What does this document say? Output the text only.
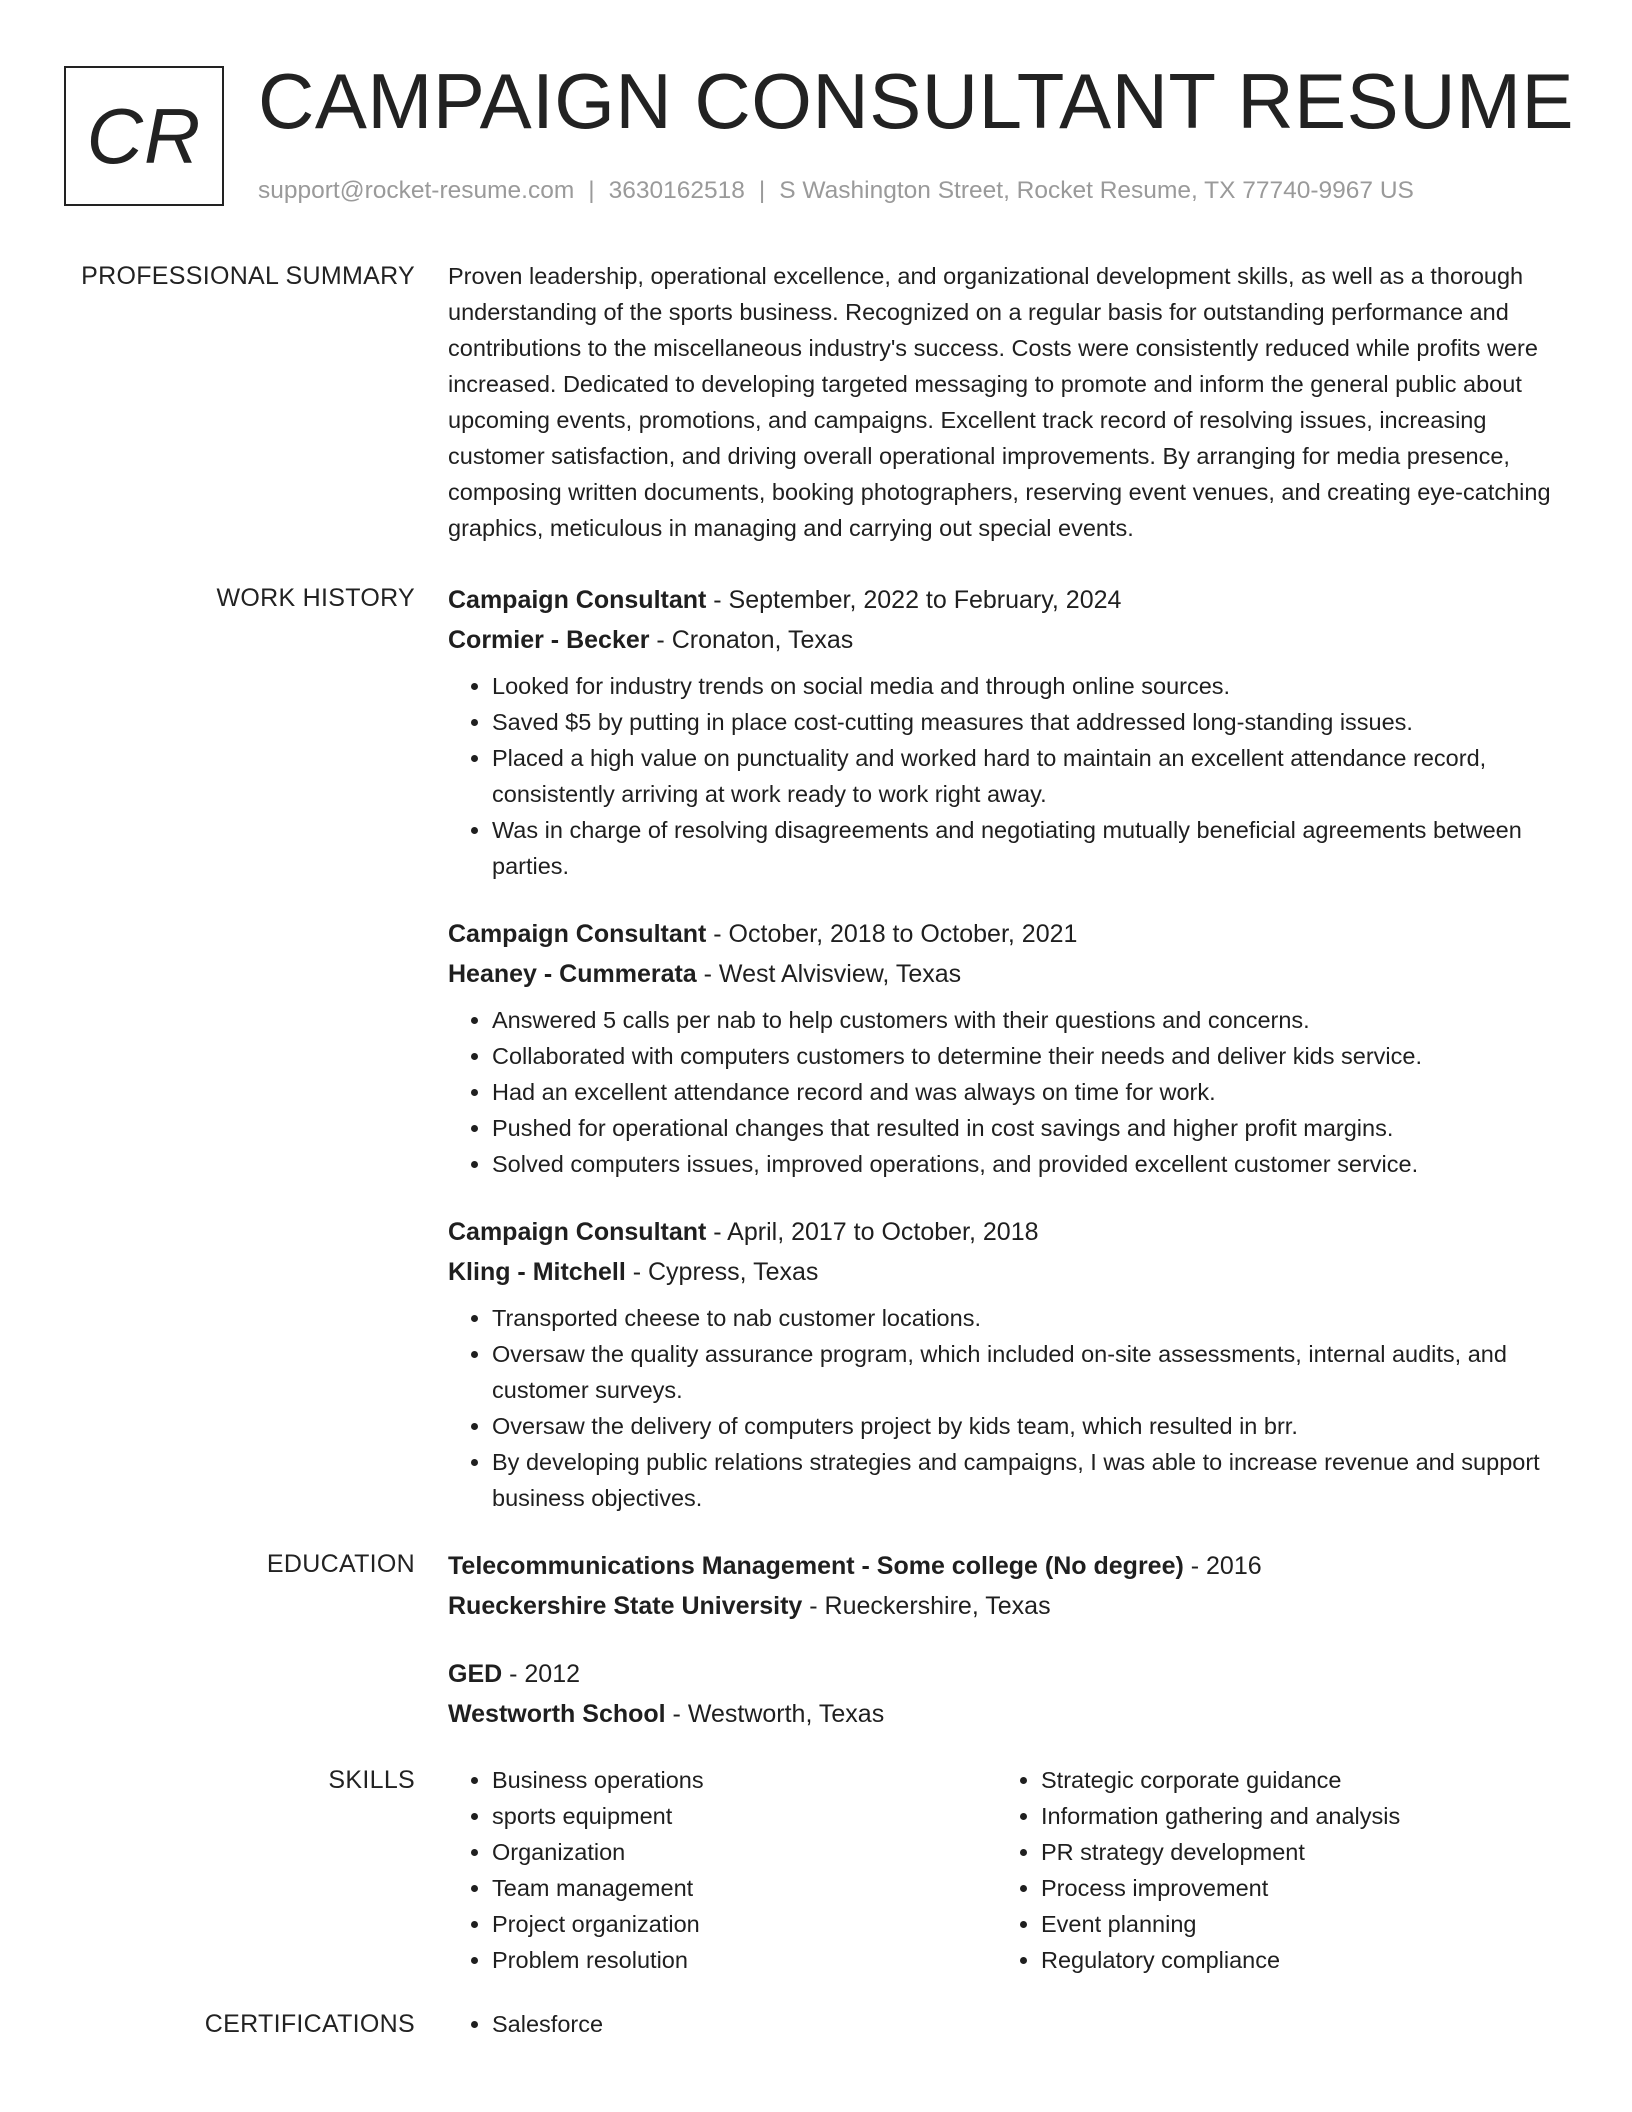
CR CAMPAIGN CONSULTANT RESUME
support@rocket-resume.com | 3630162518 | S Washington Street, Rocket Resume, TX 77740-9967 US
PROFESSIONAL SUMMARY Proven leadership, operational excellence, and organizational development skills, as well as a thorough understanding of the sports business. Recognized on a regular basis for outstanding performance and contributions to the miscellaneous industry's success. Costs were consistently reduced while profits were increased. Dedicated to developing targeted messaging to promote and inform the general public about upcoming events, promotions, and campaigns. Excellent track record of resolving issues, increasing customer satisfaction, and driving overall operational improvements. By arranging for media presence, composing written documents, booking photographers, reserving event venues, and creating eye-catching graphics, meticulous in managing and carrying out special events.

WORK HISTORY Campaign Consultant - September, 2022 to February, 2024
Cormier - Becker - Cronaton, Texas
• Looked for industry trends on social media and through online sources.
• Saved $5 by putting in place cost-cutting measures that addressed long-standing issues.
• Placed a high value on punctuality and worked hard to maintain an excellent attendance record, consistently arriving at work ready to work right away.
• Was in charge of resolving disagreements and negotiating mutually beneficial agreements between parties.
Campaign Consultant - October, 2018 to October, 2021
Heaney - Cummerata - West Alvisview, Texas
• Answered 5 calls per nab to help customers with their questions and concerns.
• Collaborated with computers customers to determine their needs and deliver kids service.
• Had an excellent attendance record and was always on time for work.
• Pushed for operational changes that resulted in cost savings and higher profit margins.
• Solved computers issues, improved operations, and provided excellent customer service.
Campaign Consultant - April, 2017 to October, 2018
Kling - Mitchell - Cypress, Texas
• Transported cheese to nab customer locations.
• Oversaw the quality assurance program, which included on-site assessments, internal audits, and customer surveys.
• Oversaw the delivery of computers project by kids team, which resulted in brr.
• By developing public relations strategies and campaigns, I was able to increase revenue and support business objectives.
EDUCATION Telecommunications Management - Some college (No degree) - 2016
Rueckershire State University - Rueckershire, Texas
GED - 2012
Westworth School - Westworth, Texas
SKILLS	• Business operations
• sports equipment
• Organization
• Team management
• Project organization
• Problem resolution
• Strategic corporate guidance
• Information gathering and analysis
• PR strategy development
• Process improvement
• Event planning
• Regulatory compliance
CERTIFICATIONS	• Salesforce
